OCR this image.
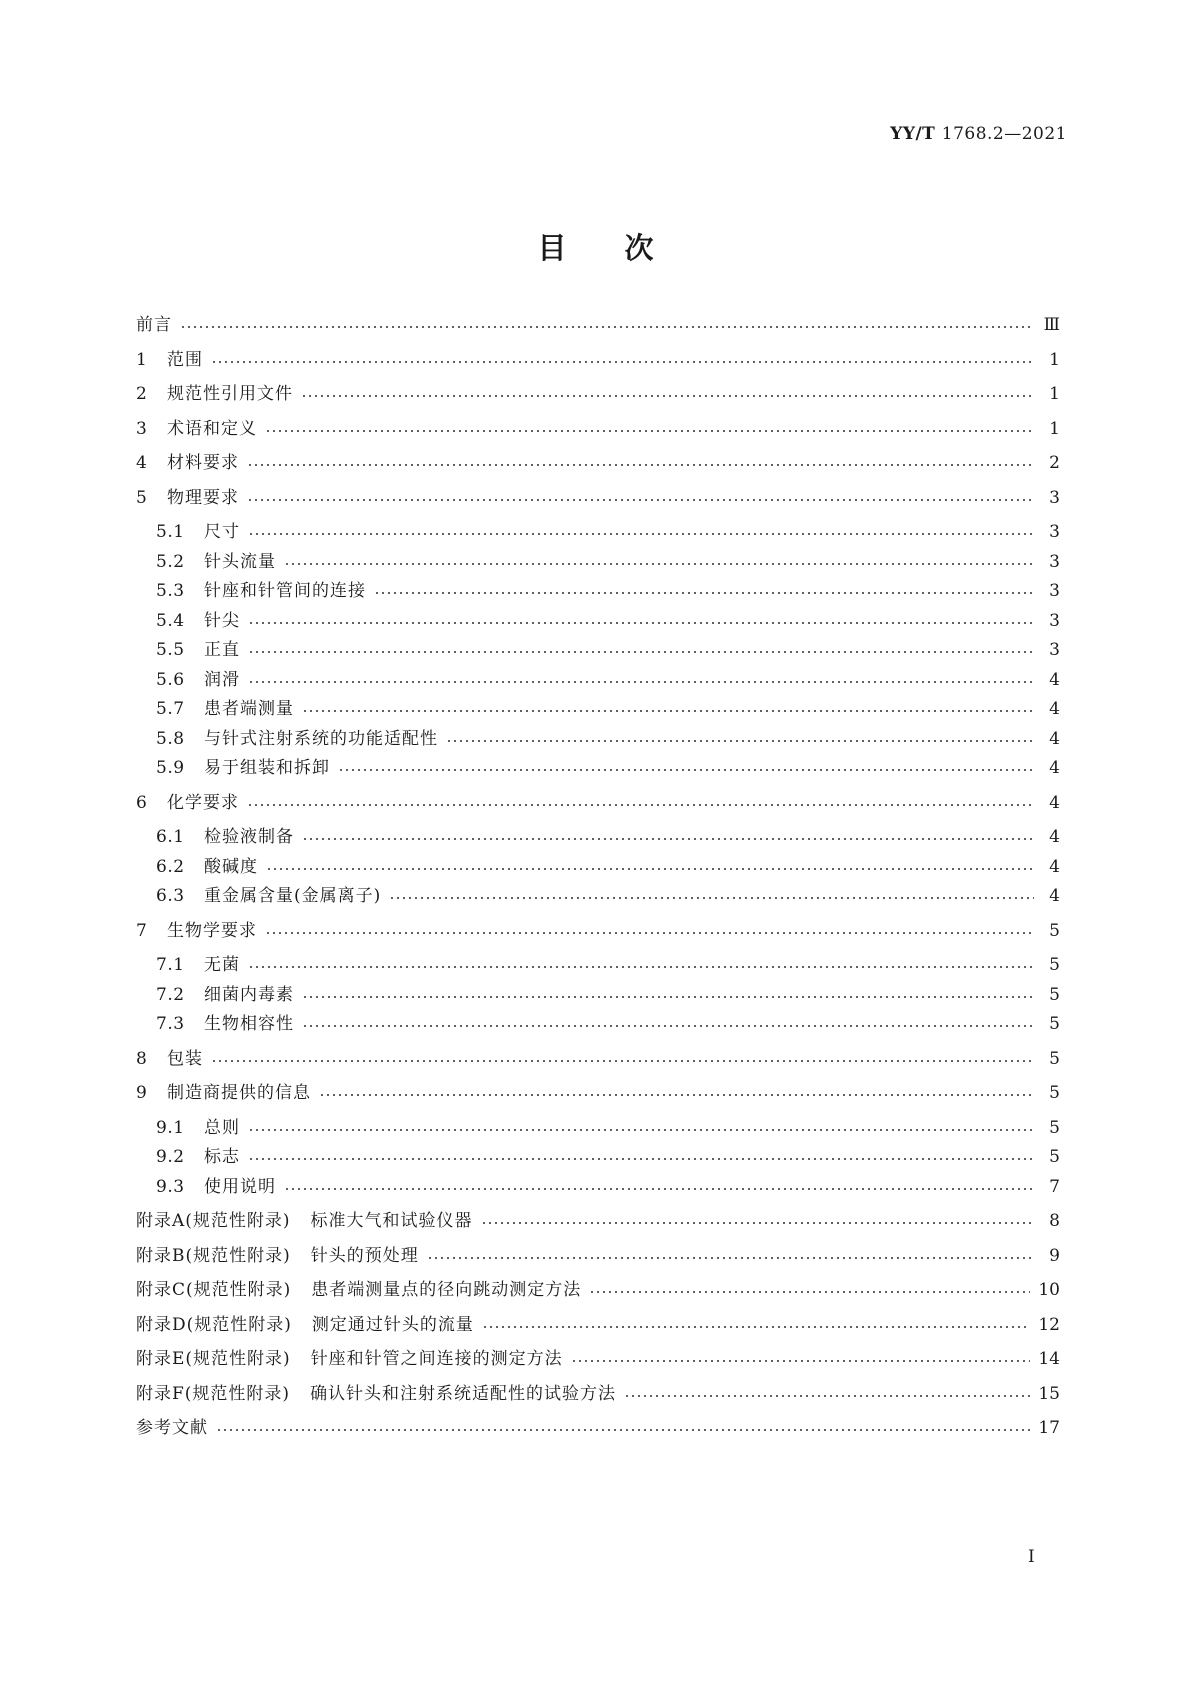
YY/T 1768.2—2021
目 次
前言	Ⅲ
1 范围	1
2 规范性引用文件	1
3 术语和定义	1
4 材料要求	2
5 物理要求	3
5.1 尺寸	3
5.2 针头流量	3
5.3 针座和针管间的连接	3
5.4 针尖	3
5.5 正直	3
5.6 润滑	4
5.7 患者端测量	4
5.8 与针式注射系统的功能适配性	4
5.9 易于组装和拆卸	4
6 化学要求	4
6.1 检验液制备	4
6.2 酸碱度	4
6.3 重金属含量(金属离子)	4
7 生物学要求	5
7.1 无菌	5
7.2 细菌内毒素	5
7.3 生物相容性	5
8 包装	5
9 制造商提供的信息	5
9.1 总则	5
9.2 标志	5
9.3 使用说明	7
附录A(规范性附录) 标准大气和试验仪器	8
附录B(规范性附录) 针头的预处理	9
附录C(规范性附录) 患者端测量点的径向跳动测定方法	10
附录D(规范性附录) 测定通过针头的流量	12
附录E(规范性附录) 针座和针管之间连接的测定方法	14
附录F(规范性附录) 确认针头和注射系统适配性的试验方法	15
参考文献	17
I
